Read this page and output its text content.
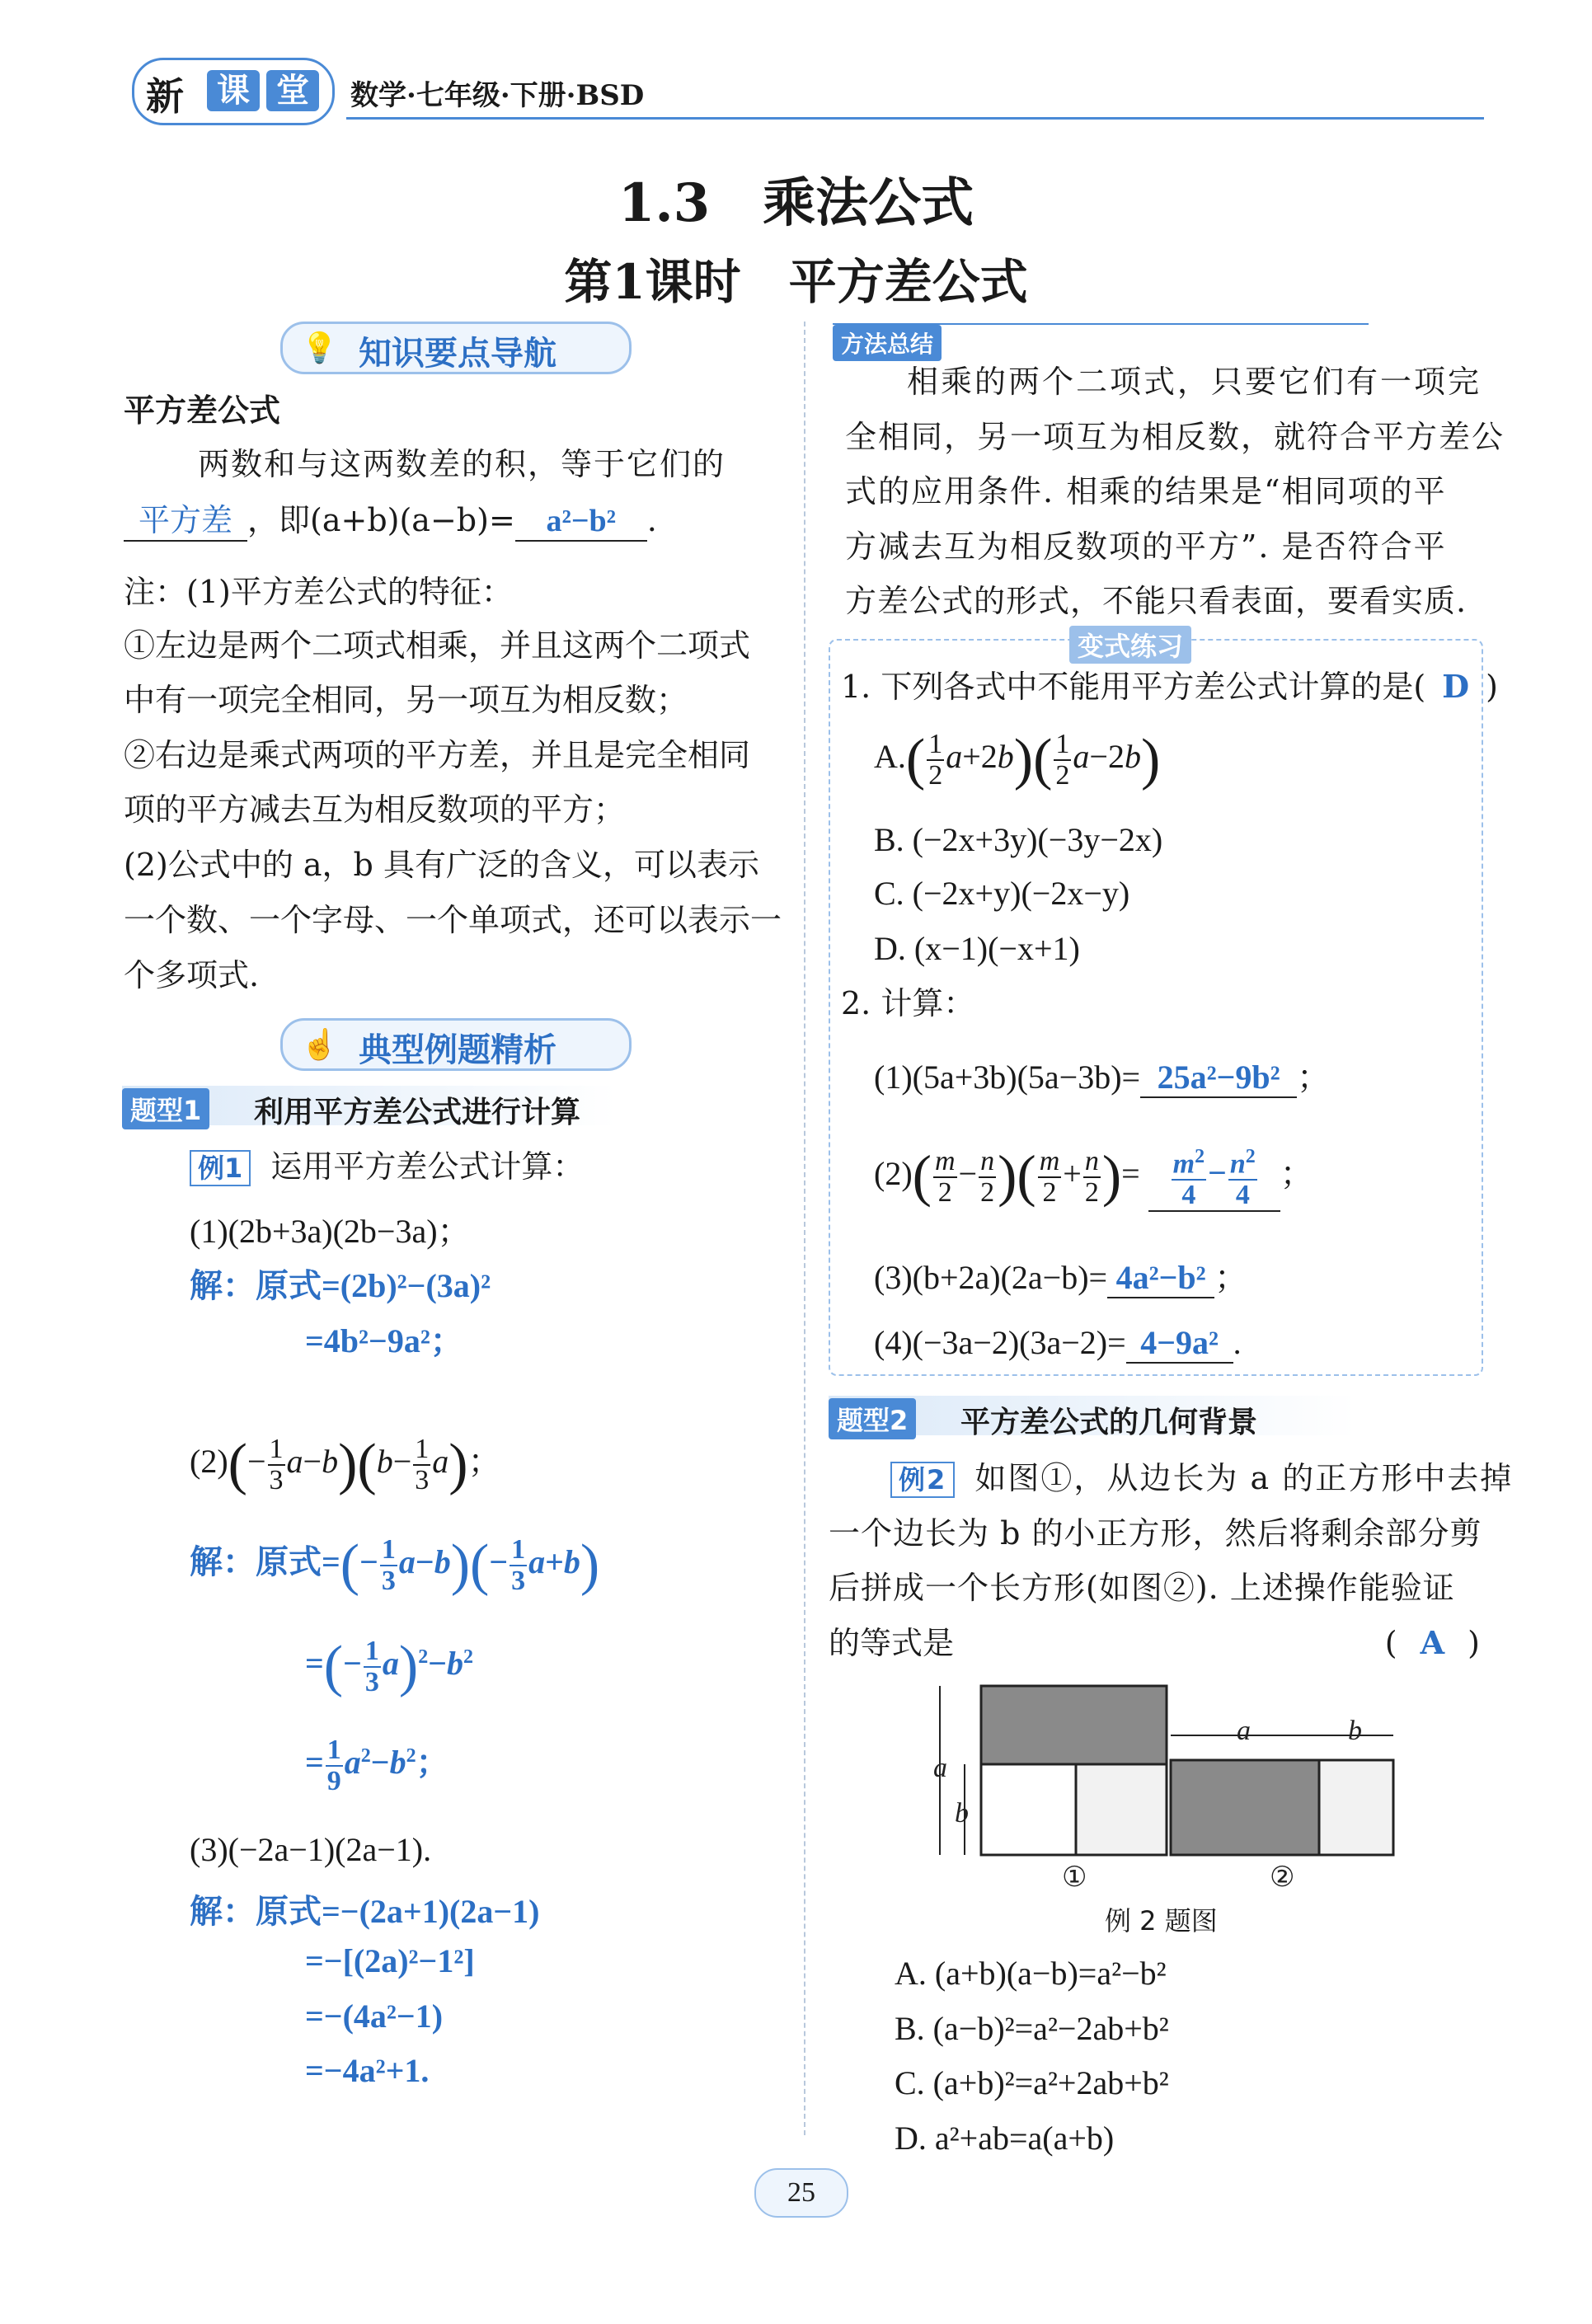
新	课 堂	数学·七年级·下册·BSD
1.3　乘法公式
第1课时　平方差公式
💡 知识要点导航
平方差公式
两数和与这两数差的积，等于它们的
平方差 ，即(a+b)(a−b)= a²−b² .
注：(1)平方差公式的特征：
①左边是两个二项式相乘，并且这两个二项式
中有一项完全相同，另一项互为相反数；
②右边是乘式两项的平方差，并且是完全相同
项的平方减去互为相反数项的平方；
(2)公式中的 a，b 具有广泛的含义，可以表示
一个数、一个字母、一个单项式，还可以表示一
个多项式.
☝ 典型例题精析
题型1 利用平方差公式进行计算
例1 运用平方差公式计算：
(1)(2b+3a)(2b−3a)；
解：原式=(2b)²−(3a)²
=4b²−9a²；
$(2)(- \frac{1}{3} a-b)(b- \frac{1}{3} a)$；
解：原式=(− $\frac{1}{3} a-b)(- \frac{1}{3} a+b)$
=(− $\frac{1}{3} a)^2-b^2$
= $\frac{1}{9} a^2-b^2$；
(3)(−2a−1)(2a−1).
解：原式=−(2a+1)(2a−1)
=−[(2a)²−1²]
=−(4a²−1)
=−4a²+1.
方法总结
相乘的两个二项式，只要它们有一项完
全相同，另一项互为相反数，就符合平方差公
式的应用条件. 相乘的结果是“相同项的平
方减去互为相反数项的平方”. 是否符合平
方差公式的形式，不能只看表面，要看实质.
变式练习
1. 下列各式中不能用平方差公式计算的是( D )
$A.( \frac{1}{2} a+2b)( \frac{1}{2} a-2b)$
B. (−2x+3y)(−3y−2x)
C. (−2x+y)(−2x−y)
D. (x−1)(−x+1)
2. 计算：
(1)(5a+3b)(5a−3b)= 25a²−9b² ；
$(2)( \frac{m}{2} - \frac{n}{2}$ )( $\frac{m}{2} + \frac{n}{2}$ )= $\frac{m^2}{4} - \frac{n^2}{4}$ ；
(3)(b+2a)(2a−b)= 4a²−b² ；
(4)(−3a−2)(3a−2)= 4−9a² .
题型2 平方差公式的几何背景
例2 如图①，从边长为 a 的正方形中去掉
一个边长为 b 的小正方形，然后将剩余部分剪
后拼成一个长方形(如图②). 上述操作能验证
的等式是	( A )
a
b
①
a	b
②
例 2 题图
A. (a+b)(a−b)=a²−b²
B. (a−b)²=a²−2ab+b²
C. (a+b)²=a²+2ab+b²
D. a²+ab=a(a+b)
25
